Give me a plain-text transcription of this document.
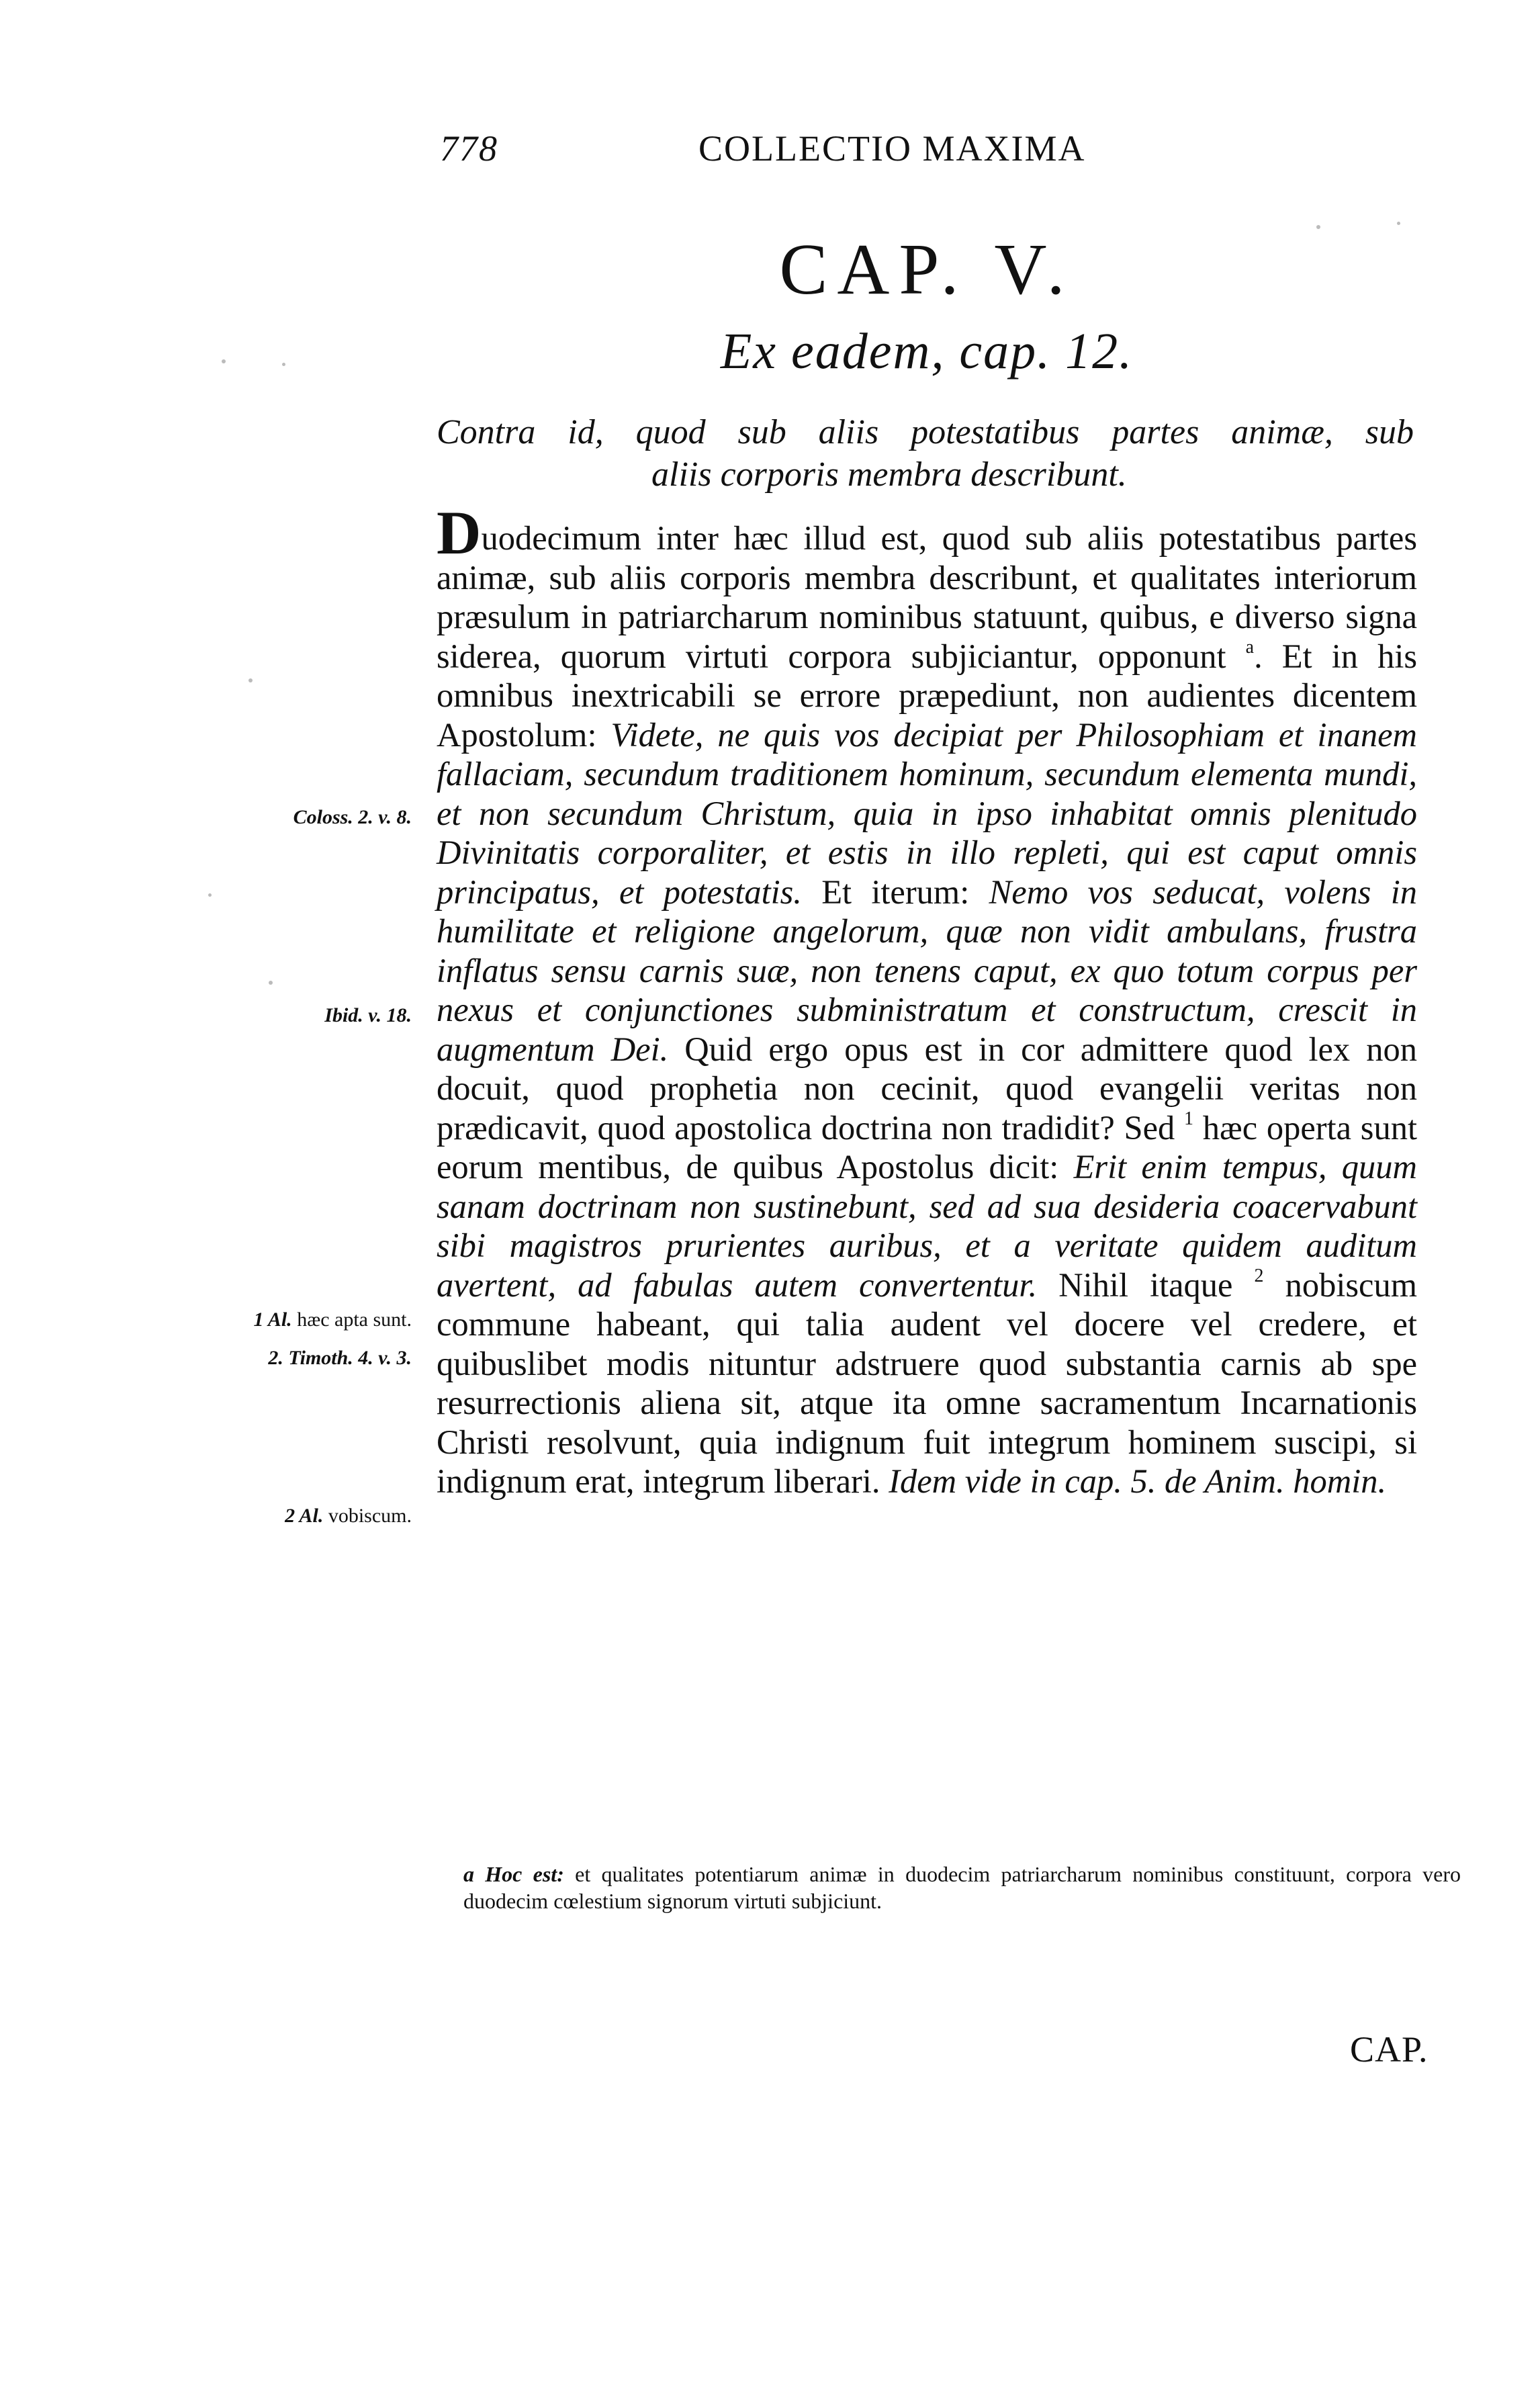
778	COLLECTIO MAXIMA
CAP. V.
Ex eadem, cap. 12.
Contra id, quod sub aliis potestatibus partes animæ, sub
aliis corporis membra describunt.
Duodecimum inter hæc illud est, quod sub aliis potestatibus partes animæ, sub aliis corporis membra describunt, et qualitates interiorum præsulum in patriarcharum nominibus statuunt, quibus, e diverso signa siderea, quorum virtuti corpora subjiciantur, opponunt $^a$. Et in his omnibus inextricabili se errore præpediunt, non audientes dicentem Apostolum: Videte, ne quis vos decipiat per Philosophiam et inanem fallaciam, secundum traditionem hominum, secundum elementa mundi, et non secundum Christum, quia in ipso inhabitat omnis plenitudo Divinitatis corporaliter, et estis in illo repleti, qui est caput omnis principatus, et potestatis. Et iterum: Nemo vos seducat, volens in humilitate et religione angelorum, quæ non vidit ambulans, frustra inflatus sensu carnis suæ, non tenens caput, ex quo totum corpus per nexus et conjunctiones subministratum et constructum, crescit in augmentum Dei. Quid ergo opus est in cor admittere quod lex non docuit, quod prophetia non cecinit, quod evangelii veritas non prædicavit, quod apostolica doctrina non tradidit? Sed $^1$ hæc operta sunt eorum mentibus, de quibus Apostolus dicit: Erit enim tempus, quum sanam doctrinam non sustinebunt, sed ad sua desideria coacervabunt sibi magistros prurientes auribus, et a veritate quidem auditum avertent, ad fabulas autem convertentur. Nihil itaque $^2$ nobiscum commune habeant, qui talia audent vel docere vel credere, et quibuslibet modis nituntur adstruere quod substantia carnis ab spe resurrectionis aliena sit, atque ita omne sacramentum Incarnationis Christi resolvunt, quia indignum fuit integrum hominem suscipi, si indignum erat, integrum liberari. Idem vide in cap. 5. de Anim. homin.
Coloss. 2. v. 8.
Ibid. v. 18.
1 Al. hæc apta sunt.
2. Timoth. 4. v. 3.
2 Al. vobiscum.
a Hoc est: et qualitates potentiarum animæ in duodecim patriarcharum nominibus constituunt, corpora vero duodecim cœlestium signorum virtuti subjiciunt.
CAP.
